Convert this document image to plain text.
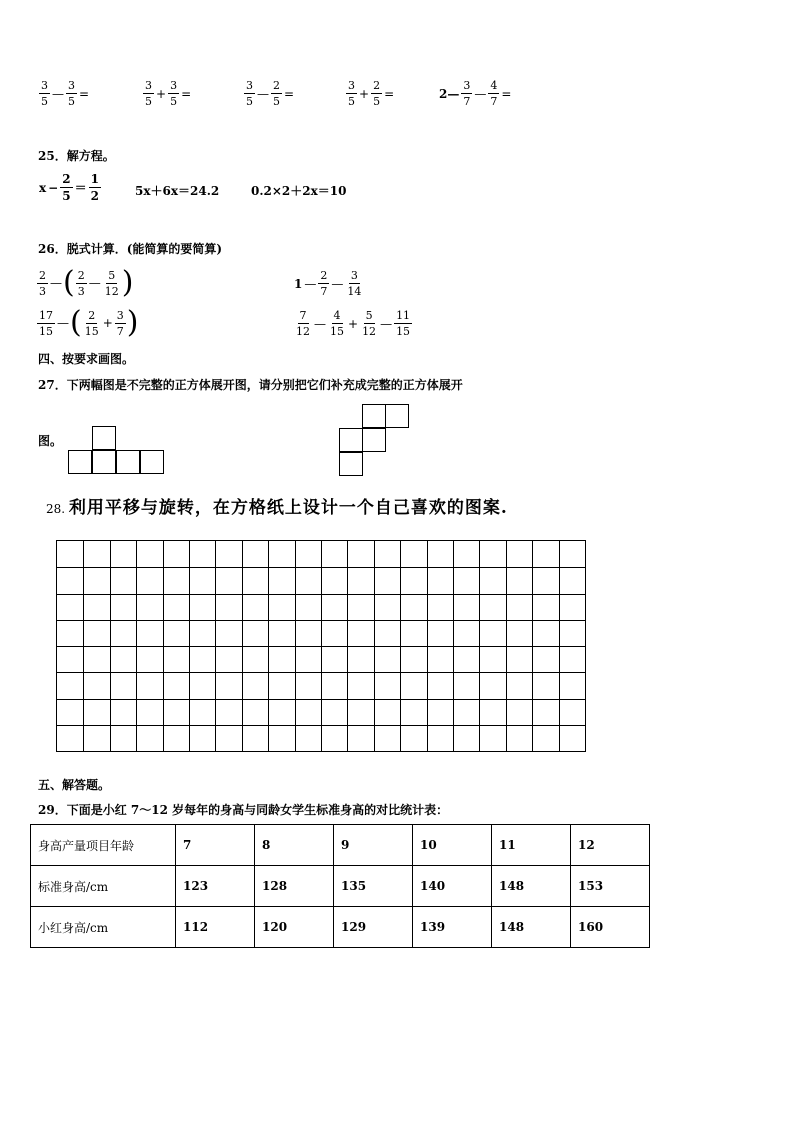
$\frac{3}{5}$ — $\frac{3}{5}$ =	$\frac{3}{5} + \frac{3}{5}$ =	$\frac{3}{5}$ — $\frac{2}{5}$ =	$\frac{3}{5} + \frac{2}{5}$ =	2— $\frac{3}{7}$ — $\frac{4}{7}$ =
25．解方程。
$x - \frac{2}{5} = \frac{1}{2}$	5x＋6x＝24.2	0.2×2＋2x＝10
26．脱式计算．(能简算的要简算)
$\frac{2}{3}$ — ( $\frac{2}{3}$ — $\frac{5}{12}$ )	1 — $\frac{2}{7}$ — $\frac{3}{14}$
$\frac{17}{15}$ — ( $\frac{2}{15} + \frac{3}{7}$ )	$\frac{7}{12}$ — $\frac{4}{15} + \frac{5}{12}$ — $\frac{11}{15}$
四、按要求画图。
27．下两幅图是不完整的正方体展开图，请分别把它们补充成完整的正方体展开
图。
28. 利用平移与旋转，在方格纸上设计一个自己喜欢的图案.
五、解答题。
29．下面是小红 7～12 岁每年的身高与同龄女学生标准身高的对比统计表：
身高产量项目年龄	7	8	9	10	11	12
标准身高/cm	123	128	135	140	148	153
小红身高/cm	112	120	129	139	148	160
